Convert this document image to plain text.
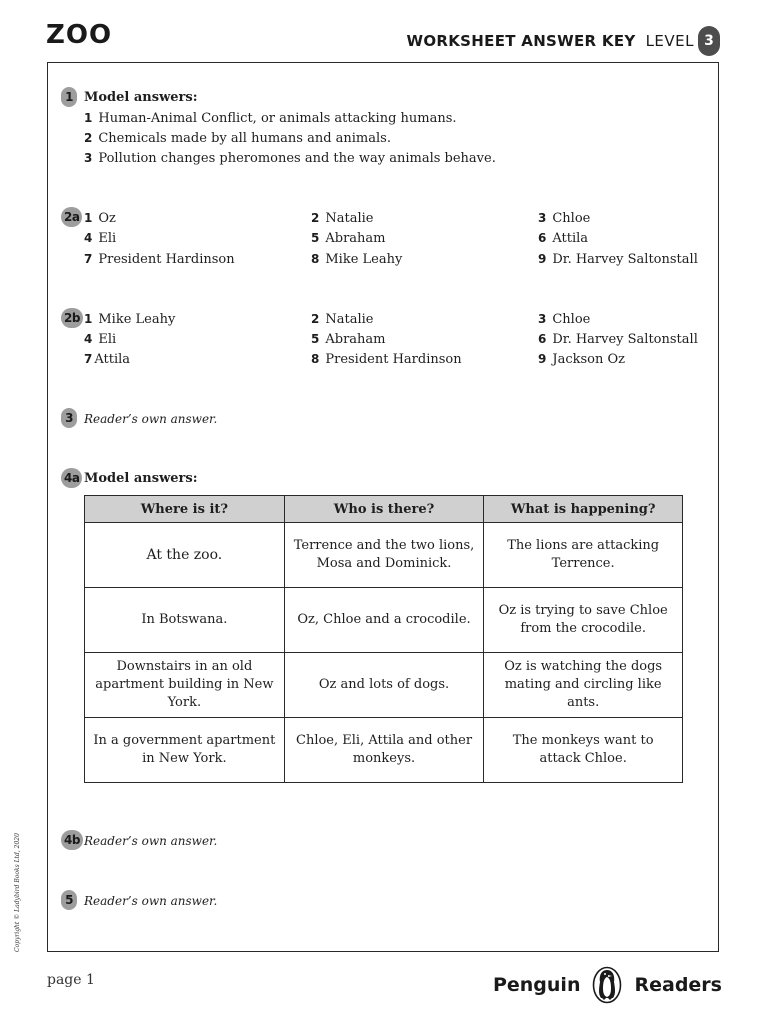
ZOO	WORKSHEET ANSWER KEY LEVEL 3
1 Model answers:
1 Human-Animal Conflict, or animals attacking humans.
2 Chemicals made by all humans and animals.
3 Pollution changes pheromones and the way animals behave.
2a 1 Oz	2 Natalie	3 Chloe
4 Eli	5 Abraham	6 Attila
7 President Hardinson	8 Mike Leahy	9 Dr. Harvey Saltonstall
2b 1 Mike Leahy	2 Natalie	3 Chloe
4 Eli	5 Abraham	6 Dr. Harvey Saltonstall
7 Attila	8 President Hardinson	9 Jackson Oz
3 Reader’s own answer.
4a Model answers:
Where is it?	Who is there?	What is happening?
At the zoo.	Terrence and the two lions, Mosa and Dominick.	The lions are attacking Terrence.
In Botswana.	Oz, Chloe and a crocodile.	Oz is trying to save Chloe from the crocodile.
Downstairs in an old apartment building in New York.	Oz and lots of dogs.	Oz is watching the dogs mating and circling like ants.
In a government apartment in New York.	Chloe, Eli, Attila and other monkeys.	The monkeys want to attack Chloe.
4b Reader’s own answer.
5 Reader’s own answer.
Copyright © Ladybird Books Ltd, 2020
page 1	Penguin	Readers
